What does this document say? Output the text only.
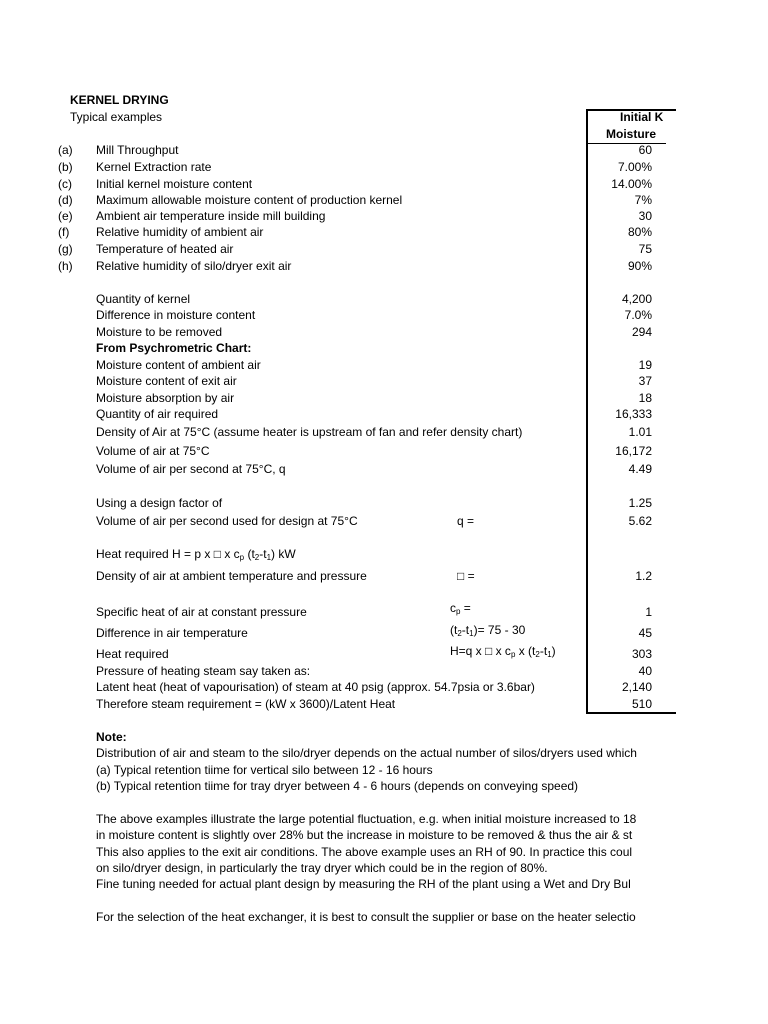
KERNEL DRYING
Typical examples	Initial K
Moisture
(a) Mill Throughput	60
(b) Kernel Extraction rate	7.00%
(c) Initial kernel moisture content	14.00%
(d) Maximum allowable moisture content of production kernel	7%
(e) Ambient air temperature inside mill building	30
(f) Relative humidity of ambient air	80%
(g) Temperature of heated air	75
(h) Relative humidity of silo/dryer exit air	90%
Quantity of kernel	4,200
Difference in moisture content	7.0%
Moisture to be removed	294
From Psychrometric Chart:
Moisture content of ambient air	19
Moisture content of exit air	37
Moisture absorption by air	18
Quantity of air required	16,333
Density of Air at 75°C (assume heater is upstream of fan and refer density chart)	1.01
Volume of air at 75°C	16,172
Volume of air per second at 75°C, q	4.49
Using a design factor of	1.25
Volume of air per second used for design at 75°C	q =	5.62
Heat required H = p x □ x $c_p$ $(t_2-t_1)$ kW
Density of air at ambient temperature and pressure	□ =	1.2
Specific heat of air at constant pressure	$c_p$ =	1
Difference in air temperature	$(t_2-t_1)= 75 - 30$	45
Heat required	H=q x □ x $c_p$ x $(t_2-t_1)$	303
Pressure of heating steam say taken as:	40
Latent heat (heat of vapourisation) of steam at 40 psig (approx. 54.7psia or 3.6bar)	2,140
Therefore steam requirement = (kW x 3600)/Latent Heat	510
Note:
Distribution of air and steam to the silo/dryer depends on the actual number of silos/dryers used which
(a) Typical retention tiime for vertical silo between 12 - 16 hours
(b) Typical retention tiime for tray dryer between 4 - 6 hours (depends on conveying speed)
The above examples illustrate the large potential fluctuation, e.g. when initial moisture increased to 18
in moisture content is slightly over 28% but the increase in moisture to be removed & thus the air & st
This also applies to the exit air conditions. The above example uses an RH of 90. In practice this coul
on silo/dryer design, in particularly the tray dryer which could be in the region of 80%.
Fine tuning needed for actual plant design by measuring the RH of the plant using a Wet and Dry Bul
For the selection of the heat exchanger, it is best to consult the supplier or base on the heater selectio
